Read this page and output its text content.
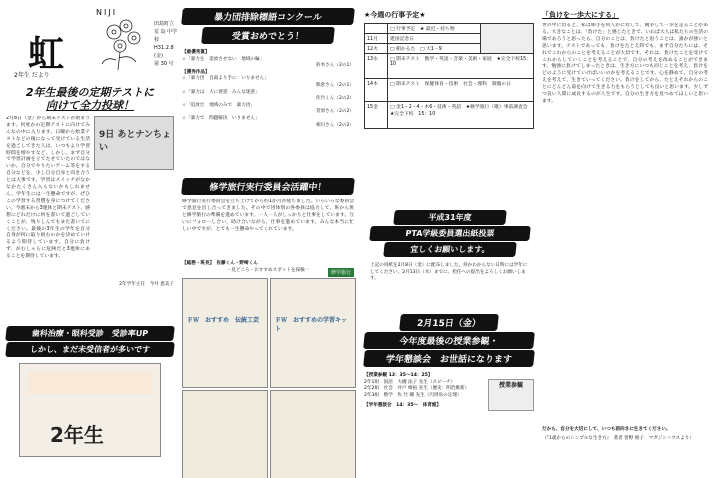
NIJI
虹
田島町立
荒 島 中学校
H31.2.8
(金)
第 30 号
2年生 だより
2年生最後の定期テストに
向けて全力投球！
9日 あとナンちょい
2月8日（金）から期末テストが始まります。何度かの定期テストに向けてみんなの中に入ります。日曜から始業テストなどの後になって受けている生活を過ごしてきた人は、いつもより学習時間を増やすなど、しかし、まず自分で学習計画を立てたせていたのではないか。自分でやりたいゲーム等をする自分などを、少し自分自身と向き合うとは大事です。学習はスイッチがなかなかたくさん入らないかもしれません。学年生には一生懸命ですが、ぜひこの学習する習慣を身につけてください。今週末から3連休と期末テスト、感想にどれだけに何を書いて過ごしていくことが、残りしんでもまた書いてにください。最後の3年生の学年を自分自身が何に取り組むのかを決めていけるよう期待しています。自分に負けず、がむしゃらに危険だと3連休にあることを期待しています。
2年学年主任　今井 恵美子
歯科治療・眼科受診　受診率UP
しかし、まだ未受信者が多いです
2年生
暴力団排除標語コンクール
受賞おめでとう！
【最優秀賞】
☆「暴力を　追放させない　地域の輪」
鈴木さん（2の1）
【優秀作品】
☆「暴力団　自殺より手に　いりません」
熊倉さん（2の1）
☆「暴力は　人に迷惑　みんな迷惑」
佐竹くん（2の2）
☆「追放だ　地域のみで　暴力団」
菅原さん（2の2）
☆「暴力で　問題解決　いりません」
相川さん（2の2）
修学旅行実行委員会活躍中！
修学旅行実行委員会を立ち上げてから約1か月が経ちました。いろいろな委員会で意見を出し合ってきました。その中で団体別の各委員は協力して、班から班と修学旅行の準備を進めています。一人一人がしっかりと仕事をしています。互いにフォローし合い、助け合いながら、仕事を進めています。みんな本当に忙しい中ですが、とても一生懸命やってくれています。
【総務・班長】　佐藤くん・野崎くん
一見どころ・おすすめスポットを探検一
修学旅行
ＦＷ　おすすめ　伝統工芸	ＦＷ　おすすめの学習キット
★今週の行事予定★
	□ 行事予定　★ 最近・持ち物	
11月	建国記念日	
12火	□ 朝かるた　□ 大1－9	
13水	□ 期末テスト　数学・英語・音楽・美術・家庭　★完全下校15：10	
14木	□ 期末テスト　保健体育・技術　社会・理科　制服の日	
15金	□ 金1・2・4・木6・技術・英語　★修学旅行（歌）事前調査会　★完全下校　15：10	
平成31年度
PTA学級委員選出紙投票
宜しくお願いします。
上記の用紙を2月8日（金）に配布しました。何かわからない日時には学年にしてください。2月13日（水）までに、担任への提出をよろしくお願いします。
2月15日（金）
今年度最後の授業参観・
学年懇談会　お世話になります
授業参観
【授業参観 13：35～14：25】
2年1組　国語　大槻 法子 先生（スピーチ）
2年2組　社会　井戸 崎拓 先生（歴史：明治維新）
2年3組　数学　佐 竹 剛 先生（円周角の定理）
【学年懇談会　14：35～　体育館】
「負けを一歩大にする」
世の中に出ると、私は相手を何人かに対して、競争して一歩を走ることがある。大きなことは、「負けた」と感じたときで、いわば大人は私たちの生活の場であろうと思ったら、自分のことは、負けたと思うことは、誰かが強いと思います。テストであっても、負けをたとえ時でも、まず自分たちには、それでこれからのことを考えることが大切です。それは、負けたことを受けてこれからしていくことを考えることで、自分の考えを改めることができます。勉強に負けてしまったときは、生き方にいつも同じことを考え、負けをどのように受けていけばいいのかを考えることです。心を静めて、自分の考えを考えて、生きていってください。負けをしてから、たとえそれからのことにどんどん前を向けて生きる力をもらうとしても良いと思います。少しずつ良い人間に成長するのが人生です。自分の生き方を見つめてほしいと思います。
だから、自分を大切にして、いつも前向きに生きてください。
（『1歳からのシンプルな生き方』　著者 曽野 綾子　マガジンハウスより）
